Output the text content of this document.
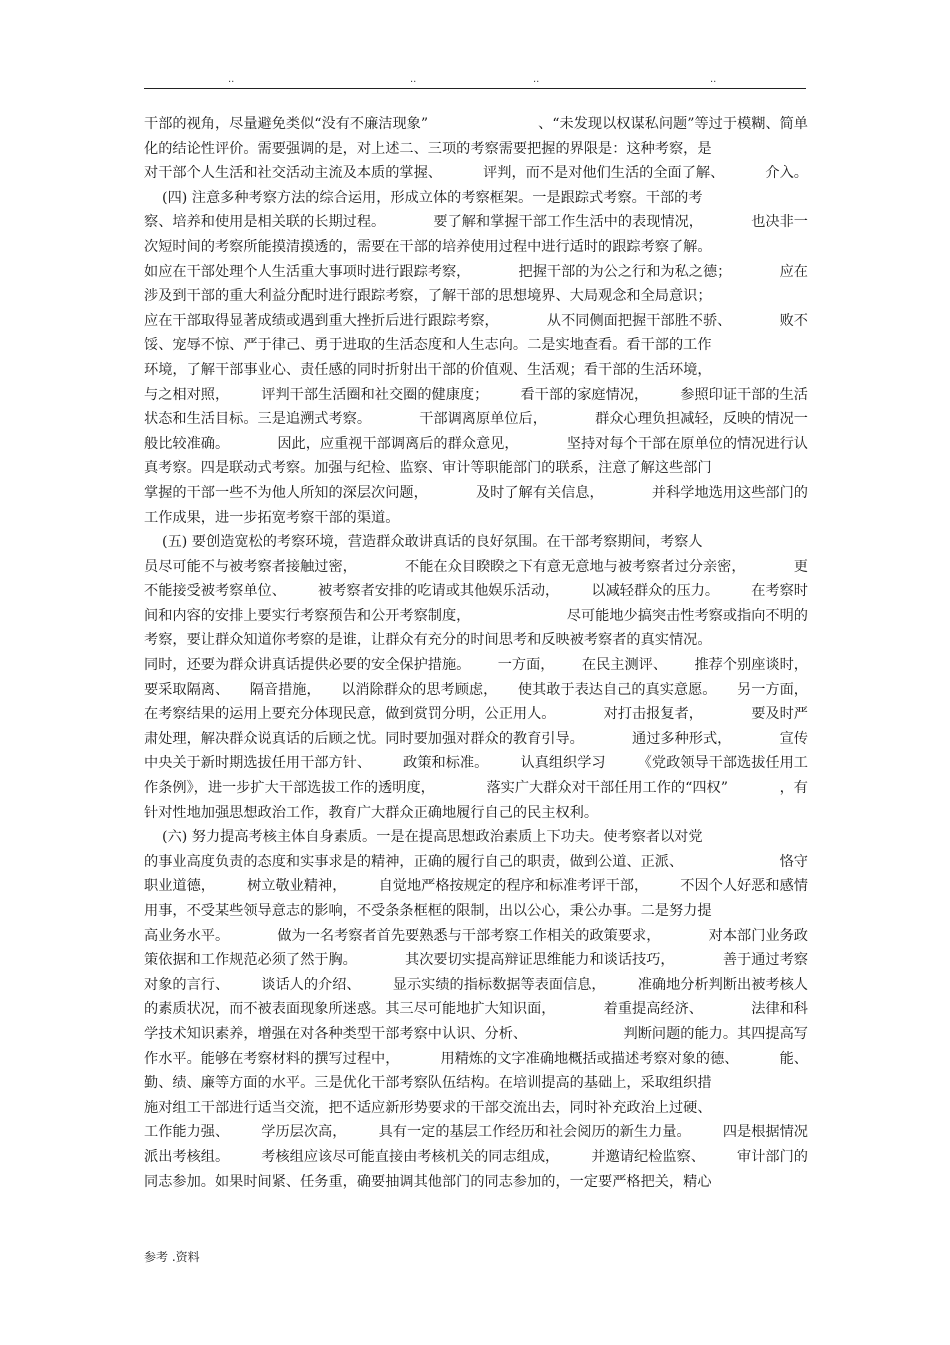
..	..	..	..
干部的视角，尽量避免类似“没有不廉洁现象”	、“未发现以权谋私问题”等过于模糊、简单
化的结论性评价。需要强调的是，对上述二、三项的考察需要把握的界限是：这种考察，是
对干部个人生活和社交活动主流及本质的掌握、	评判，而不是对他们生活的全面了解、	介入。
(四) 注意多种考察方法的综合运用，形成立体的考察框架。一是跟踪式考察。干部的考
察、培养和使用是相关联的长期过程。	要了解和掌握干部工作生活中的表现情况，	也决非一
次短时间的考察所能摸清摸透的，需要在干部的培养使用过程中进行适时的跟踪考察了解。
如应在干部处理个人生活重大事项时进行跟踪考察，	把握干部的为公之行和为私之德；	应在
涉及到干部的重大利益分配时进行跟踪考察，了解干部的思想境界、大局观念和全局意识；
应在干部取得显著成绩或遇到重大挫折后进行跟踪考察，	从不同侧面把握干部胜不骄、	败不
馁、宠辱不惊、严于律己、勇于进取的生活态度和人生志向。二是实地查看。看干部的工作
环境，了解干部事业心、责任感的同时折射出干部的价值观、生活观；看干部的生活环境，
与之相对照， 评判干部生活圈和社交圈的健康度； 看干部的家庭情况， 参照印证干部的生活
状态和生活目标。三是追溯式考察。	干部调离原单位后，	群众心理负担减轻，反映的情况一
般比较准确。	因此，应重视干部调离后的群众意见，	坚持对每个干部在原单位的情况进行认
真考察。四是联动式考察。加强与纪检、监察、审计等职能部门的联系，注意了解这些部门
掌握的干部一些不为他人所知的深层次问题，	及时了解有关信息，	并科学地选用这些部门的
工作成果，进一步拓宽考察干部的渠道。
(五) 要创造宽松的考察环境，营造群众敢讲真话的良好氛围。在干部考察期间，考察人
员尽可能不与被考察者接触过密，	不能在众目睽睽之下有意无意地与被考察者过分亲密，	更
不能接受被考察单位、 被考察者安排的吃请或其他娱乐活动， 以减轻群众的压力。 在考察时
间和内容的安排上要实行考察预告和公开考察制度，	尽可能地少搞突击性考察或指向不明的
考察，要让群众知道你考察的是谁，让群众有充分的时间思考和反映被考察者的真实情况。
同时，还要为群众讲真话提供必要的安全保护措施。 一方面， 在民主测评、 推荐个别座谈时，
要采取隔离、 隔音措施， 以消除群众的思考顾虑， 使其敢于表达自己的真实意愿。 另一方面，
在考察结果的运用上要充分体现民意，做到赏罚分明，公正用人。	对打击报复者，	要及时严
肃处理，解决群众说真话的后顾之忧。同时要加强对群众的教育引导。	通过多种形式，	宣传
中央关于新时期选拔任用干部方针、 政策和标准。 认真组织学习 《党政领导干部选拔任用工
作条例》，进一步扩大干部选拔工作的透明度，	落实广大群众对干部任用工作的“四权”	，有
针对性地加强思想政治工作，教育广大群众正确地履行自己的民主权利。
(六) 努力提高考核主体自身素质。一是在提高思想政治素质上下功夫。使考察者以对党
的事业高度负责的态度和实事求是的精神，正确的履行自己的职责，做到公道、正派、	恪守
职业道德， 树立敬业精神， 自觉地严格按规定的程序和标准考评干部， 不因个人好恶和感情
用事，不受某些领导意志的影响，不受条条框框的限制，出以公心，秉公办事。二是努力提
高业务水平。	做为一名考察者首先要熟悉与干部考察工作相关的政策要求，	对本部门业务政
策依据和工作规范必须了然于胸。	其次要切实提高辩证思维能力和谈话技巧，	善于通过考察
对象的言行、 谈话人的介绍、 显示实绩的指标数据等表面信息， 准确地分析判断出被考核人
的素质状况，而不被表面现象所迷惑。其三尽可能地扩大知识面，	着重提高经济、	法律和科
学技术知识素养，增强在对各种类型干部考察中认识、分析、	判断问题的能力。其四提高写
作水平。能够在考察材料的撰写过程中，	用精炼的文字准确地概括或描述考察对象的德、	能、
勤、绩、廉等方面的水平。三是优化干部考察队伍结构。在培训提高的基础上，采取组织措
施对组工干部进行适当交流，把不适应新形势要求的干部交流出去，同时补充政治上过硬、
工作能力强、 学历层次高， 具有一定的基层工作经历和社会阅历的新生力量。 四是根据情况
派出考核组。 考核组应该尽可能直接由考核机关的同志组成， 并邀请纪检监察、 审计部门的
同志参加。如果时间紧、任务重，确要抽调其他部门的同志参加的，一定要严格把关，精心
参考 .资料
